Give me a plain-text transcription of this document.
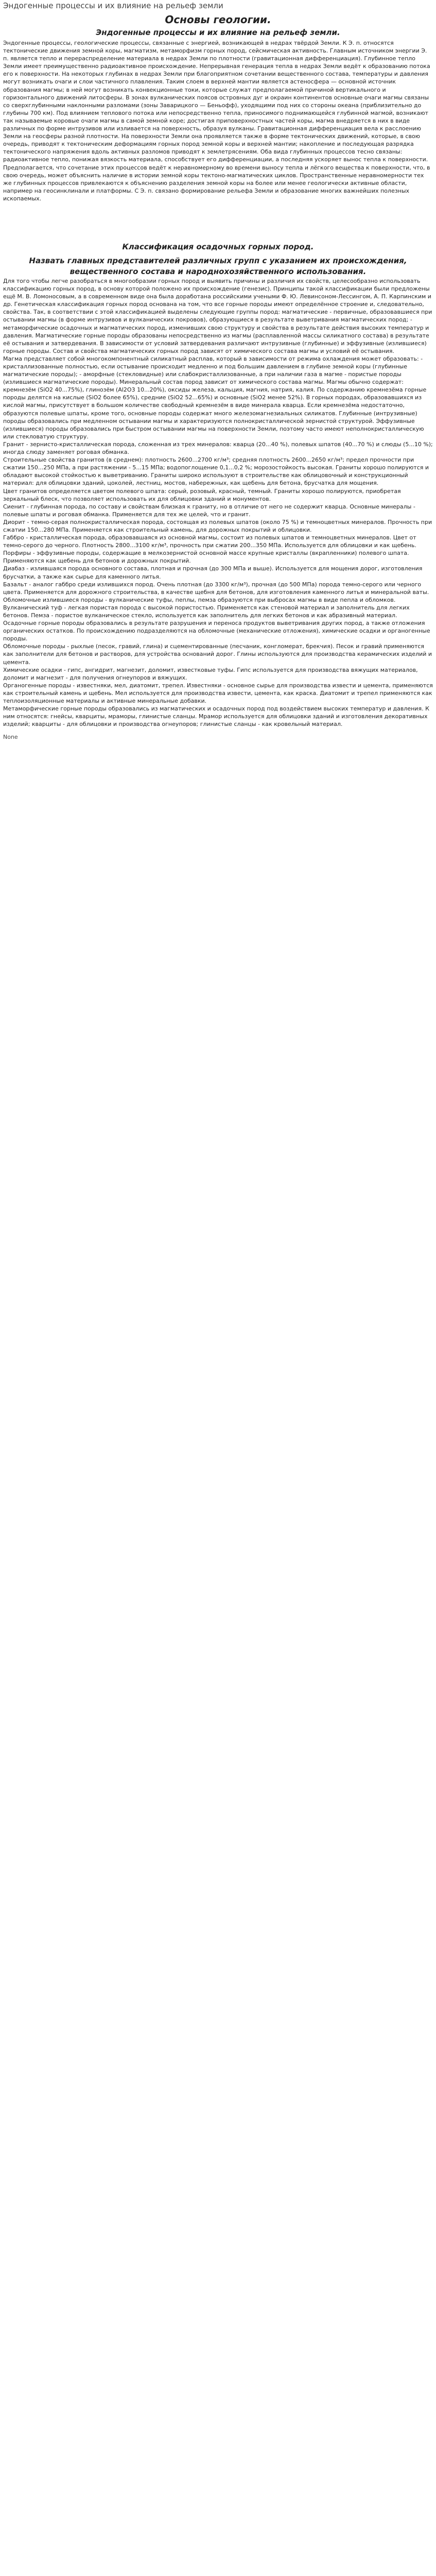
Эндогенные процессы и их влияние на рельеф земли
Основы геологии.
Эндогенные процессы и их влияние на рельеф земли.

Эндогенные процессы, геологические процессы, связанные с энергией, возникающей в недрах твёрдой Земли. К Э. п. относятся тектонические движения земной коры, магматизм, метаморфизм горных пород, сейсмическая активность. Главным источником энергии Э. п. является тепло и перераспределение материала в недрах Земли по плотности (гравитационная дифференциация). Глубинное тепло Земли имеет преимущественно радиоактивное происхождение. Непрерывная генерация тепла в недрах Земли ведёт к образованию потока его к поверхности. На некоторых глубинах в недрах Земли при благоприятном сочетании вещественного состава, температуры и давления могут возникать очаги и слои частичного плавления. Таким слоем в верхней мантии является астеносфера — основной источник образования магмы; в ней могут возникать конвекционные токи, которые служат предполагаемой причиной вертикального и горизонтального движений литосферы. В зонах вулканических поясов островных дуг и окраин континентов основные очаги магмы связаны со сверхглубинными наклонными разломами (зоны Заварицкого — Беньофф), уходящими под них со стороны океана (приблизительно до глубины 700 км). Под влиянием теплового потока или непосредственно тепла, приносимого поднимающейся глубинной магмой, возникают так называемые коровые очаги магмы в самой земной коре; достигая приповерхностных частей коры, магма внедряется в них в виде различных по форме интрузивов или изливается на поверхность, образуя вулканы. Гравитационная дифференциация вела к расслоению Земли на геосферы разной плотности. На поверхности Земли она проявляется также в форме тектонических движений, которые, в свою очередь, приводят к тектоническим деформациям горных пород земной коры и верхней мантии; накопление и последующая разрядка тектонического напряжения вдоль активных разломов приводят к землетрясениям. Оба вида глубинных процессов тесно связаны: радиоактивное тепло, понижая вязкость материала, способствует его дифференциации, а последняя ускоряет вынос тепла к поверхности. Предполагается, что сочетание этих процессов ведёт к неравномерному во времени выносу тепла и лёгкого вещества к поверхности, что, в свою очередь, может объяснить наличие в истории земной коры тектоно-магматических циклов. Пространственные неравномерности тех же глубинных процессов привлекаются к объяснению разделения земной коры на более или менее геологически активные области, например на геосинклинали и платформы. С Э. п. связано формирование рельефа Земли и образование многих важнейших полезных ископаемых.

Классификация осадочных горных пород.
Назвать главных представителей различных групп с указанием их происхождения, вещественного состава и народнохозяйственного использования.

Для того чтобы легче разобраться в многообразии горных пород и выявить причины и различия их свойств, целесообразно использовать классификацию горных пород, в основу которой положено их происхождение (генезис). Принципы такой классификации были предложены ещё М. В. Ломоносовым, а в современном виде она была доработана российскими учеными Ф. Ю. Левинсоном-Лессингом, А. П. Карпинским и др. Генетическая классификация горных пород основана на том, что все горные породы имеют определённое строение и, следовательно, свойства. Так, в соответствии с этой классификацией выделены следующие группы пород: магматические - первичные, образовавшиеся при остывании магмы (в форме интрузивов и вулканических покровов), образующиеся в результате выветривания магматических пород; - метаморфические осадочных и магматических пород, изменивших свою структуру и свойства в результате действия высоких температур и давления. Магматические горные породы образованы непосредственно из магмы (расплавленной массы силикатного состава) в результате её остывания и затвердевания. В зависимости от условий затвердевания различают интрузивные (глубинные) и эффузивные (излившиеся) горные породы. Состав и свойства магматических горных пород зависят от химического состава магмы и условий её остывания.

Магма представляет собой многокомпонентный силикатный расплав, который в зависимости от режима охлаждения может образовать: - кристаллизованные полностью, если остывание происходит медленно и под большим давлением в глубине земной коры (глубинные магматические породы); - аморфные (стекловидные) или слабокристаллизованные, а при наличии газа в магме - пористые породы (излившиеся магматические породы). Минеральный состав пород зависит от химического состава магмы. Магмы обычно содержат: кремнезём (SiO2 40...75%), глинозём (Al2O3 10...20%), оксиды железа, кальция, магния, натрия, калия. По содержанию кремнезёма горные породы делятся на кислые (SiO2 более 65%), средние (SiO2 52...65%) и основные (SiO2 менее 52%). В горных породах, образовавшихся из кислой магмы, присутствует в большом количестве свободный кремнезём в виде минерала кварца. Если кремнезёма недостаточно, образуются полевые шпаты, кроме того, основные породы содержат много железомагнезиальных силикатов. Глубинные (интрузивные) породы образовались при медленном остывании магмы и характеризуются полнокристаллической зернистой структурой. Эффузивные (излившиеся) породы образовались при быстром остывании магмы на поверхности Земли, поэтому часто имеют неполнокристаллическую или стекловатую структуру.

Гранит - зернисто-кристаллическая порода, сложенная из трех минералов: кварца (20...40 %), полевых шпатов (40...70 %) и слюды (5...10 %); иногда слюду заменяет роговая обманка.

Строительные свойства гранитов (в среднем): плотность 2600...2700 кг/м³; средняя плотность 2600...2650 кг/м³; предел прочности при сжатии 150...250 МПа, а при растяжении - 5...15 МПа; водопоглощение 0,1...0,2 %; морозостойкость высокая. Граниты хорошо полируются и обладают высокой стойкостью к выветриванию. Граниты широко используют в строительстве как облицовочный и конструкционный материал: для облицовки зданий, цоколей, лестниц, мостов, набережных, как щебень для бетона, брусчатка для мощения.

Цвет гранитов определяется цветом полевого шпата: серый, розовый, красный, темный. Граниты хорошо полируются, приобретая зеркальный блеск, что позволяет использовать их для облицовки зданий и монументов.

Сиенит - глубинная порода, по составу и свойствам близкая к граниту, но в отличие от него не содержит кварца. Основные минералы - полевые шпаты и роговая обманка. Применяется для тех же целей, что и гранит.

Диорит - темно-серая полнокристаллическая порода, состоящая из полевых шпатов (около 75 %) и темноцветных минералов. Прочность при сжатии 150...280 МПа. Применяется как строительный камень, для дорожных покрытий и облицовки.

Габбро - кристаллическая порода, образовавшаяся из основной магмы, состоит из полевых шпатов и темноцветных минералов. Цвет от темно-серого до черного. Плотность 2800...3100 кг/м³, прочность при сжатии 200...350 МПа. Используется для облицовки и как щебень.

Порфиры - эффузивные породы, содержащие в мелкозернистой основной массе крупные кристаллы (вкрапленники) полевого шпата. Применяются как щебень для бетонов и дорожных покрытий.

Диабаз - излившаяся порода основного состава, плотная и прочная (до 300 МПа и выше). Используется для мощения дорог, изготовления брусчатки, а также как сырье для каменного литья.

Базальт - аналог габбро среди излившихся пород. Очень плотная (до 3300 кг/м³), прочная (до 500 МПа) порода темно-серого или черного цвета. Применяется для дорожного строительства, в качестве щебня для бетонов, для изготовления каменного литья и минеральной ваты.

Обломочные излившиеся породы - вулканические туфы, пеплы, пемза образуются при выбросах магмы в виде пепла и обломков. Вулканический туф - легкая пористая порода с высокой пористостью. Применяется как стеновой материал и заполнитель для легких бетонов. Пемза - пористое вулканическое стекло, используется как заполнитель для легких бетонов и как абразивный материал.

Осадочные горные породы образовались в результате разрушения и переноса продуктов выветривания других пород, а также отложения органических остатков. По происхождению подразделяются на обломочные (механические отложения), химические осадки и органогенные породы.

Обломочные породы - рыхлые (песок, гравий, глина) и сцементированные (песчаник, конгломерат, брекчия). Песок и гравий применяются как заполнители для бетонов и растворов, для устройства оснований дорог. Глины используются для производства керамических изделий и цемента.

Химические осадки - гипс, ангидрит, магнезит, доломит, известковые туфы. Гипс используется для производства вяжущих материалов, доломит и магнезит - для получения огнеупоров и вяжущих.

Органогенные породы - известняки, мел, диатомит, трепел. Известняки - основное сырье для производства извести и цемента, применяются как строительный камень и щебень. Мел используется для производства извести, цемента, как краска. Диатомит и трепел применяются как теплоизоляционные материалы и активные минеральные добавки.

Метаморфические горные породы образовались из магматических и осадочных пород под воздействием высоких температур и давления. К ним относятся: гнейсы, кварциты, мраморы, глинистые сланцы. Мрамор используется для облицовки зданий и изготовления декоративных изделий; кварциты - для облицовки и производства огнеупоров; глинистые сланцы - как кровельный материал.

None
